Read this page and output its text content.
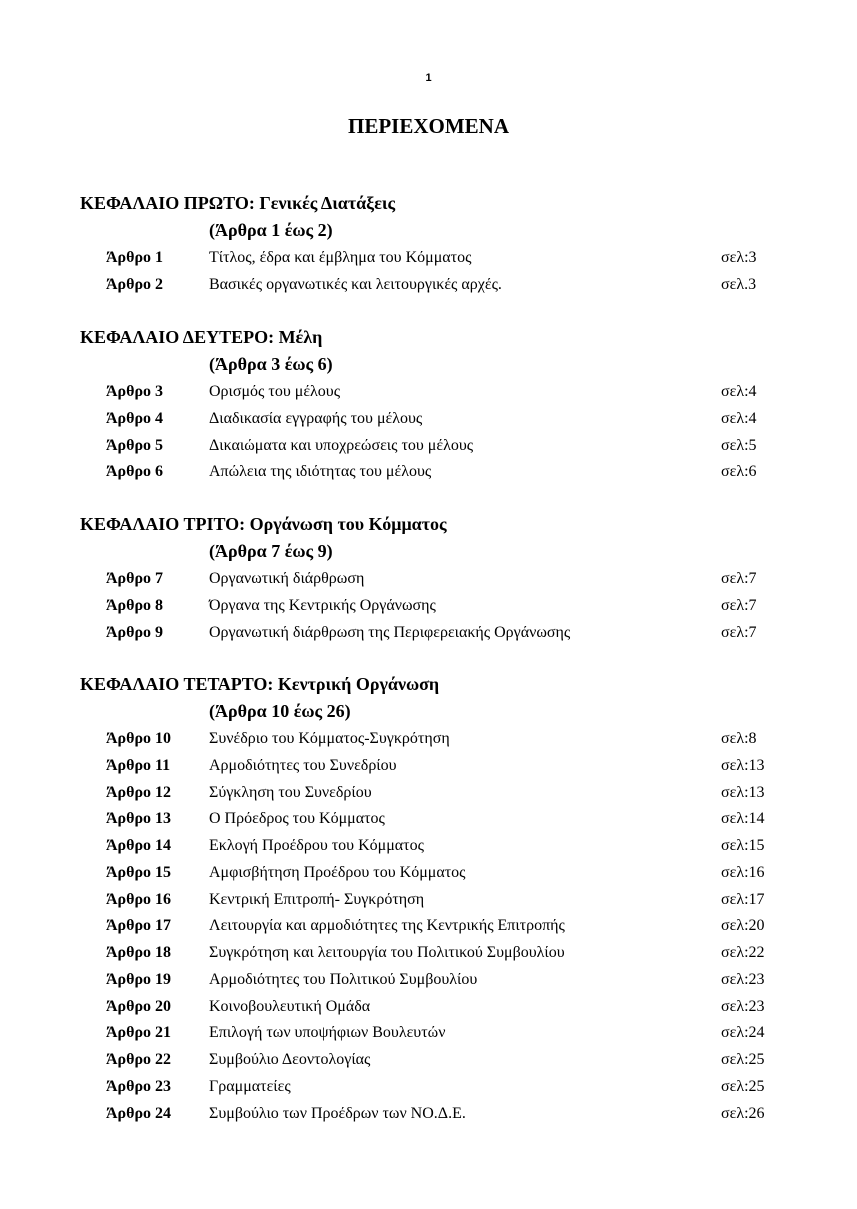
1
ΠΕΡΙΕΧΟΜΕΝΑ
ΚΕΦΑΛΑΙΟ ΠΡΩΤΟ: Γενικές Διατάξεις
(Άρθρα 1 έως 2)
Άρθρο 1	Τίτλος, έδρα και έμβλημα του Κόμματος	σελ:3
Άρθρο 2	Βασικές οργανωτικές και λειτουργικές αρχές.	σελ.3
ΚΕΦΑΛΑΙΟ ΔΕΥΤΕΡΟ: Μέλη
(Άρθρα 3 έως 6)
Άρθρο 3	Ορισμός του μέλους	σελ:4
Άρθρο 4	Διαδικασία εγγραφής του μέλους	σελ:4
Άρθρο 5	Δικαιώματα και υποχρεώσεις του μέλους	σελ:5
Άρθρο 6	Απώλεια της ιδιότητας του μέλους	σελ:6
ΚΕΦΑΛΑΙΟ ΤΡΙΤΟ: Οργάνωση του Κόμματος
(Άρθρα 7 έως 9)
Άρθρο 7	Οργανωτική διάρθρωση	σελ:7
Άρθρο 8	Όργανα της Κεντρικής Οργάνωσης	σελ:7
Άρθρο 9	Οργανωτική διάρθρωση της Περιφερειακής Οργάνωσης	σελ:7
ΚΕΦΑΛΑΙΟ ΤΕΤΑΡΤΟ: Κεντρική Οργάνωση
(Άρθρα 10 έως 26)
Άρθρο 10 Συνέδριο του Κόμματος-Συγκρότηση	σελ:8
Άρθρο 11 Αρμοδιότητες του Συνεδρίου	σελ:13
Άρθρο 12 Σύγκληση του Συνεδρίου	σελ:13
Άρθρο 13 Ο Πρόεδρος του Κόμματος	σελ:14
Άρθρο 14 Εκλογή Προέδρου του Κόμματος	σελ:15
Άρθρο 15 Αμφισβήτηση Προέδρου του Κόμματος	σελ:16
Άρθρο 16 Κεντρική Επιτροπή- Συγκρότηση	σελ:17
Άρθρο 17 Λειτουργία και αρμοδιότητες της Κεντρικής Επιτροπής	σελ:20
Άρθρο 18 Συγκρότηση και λειτουργία του Πολιτικού Συμβουλίου	σελ:22
Άρθρο 19 Αρμοδιότητες του Πολιτικού Συμβουλίου	σελ:23
Άρθρο 20 Κοινοβουλευτική Ομάδα	σελ:23
Άρθρο 21 Επιλογή των υποψήφιων Βουλευτών	σελ:24
Άρθρο 22 Συμβούλιο Δεοντολογίας	σελ:25
Άρθρο 23 Γραμματείες	σελ:25
Άρθρο 24 Συμβούλιο των Προέδρων των ΝΟ.Δ.Ε.	σελ:26
